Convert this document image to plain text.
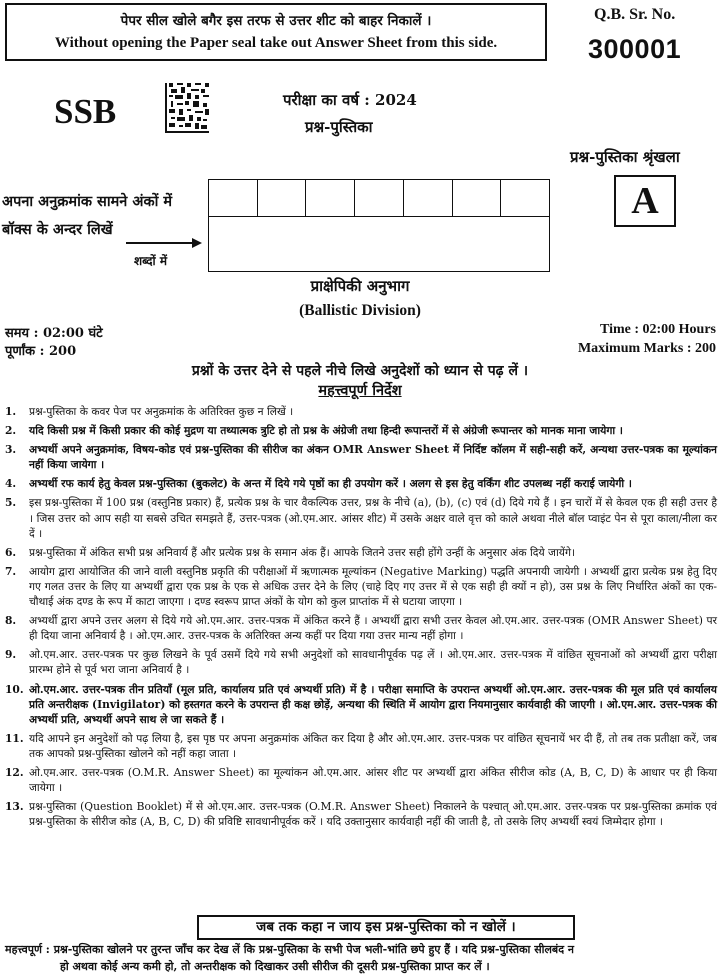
पेपर सील खोले बगैर इस तरफ से उत्तर शीट को बाहर निकालें ।
Without opening the Paper seal take out Answer Sheet from this side.
Q.B. Sr. No.
300001
SSB	परीक्षा का वर्ष : 2024
प्रश्न-पुस्तिका
प्रश्न-पुस्तिका श्रृंखला
A
अपना अनुक्रमांक सामने अंकों में
बॉक्स के अन्दर लिखें
शब्दों में
प्राक्षेपिकी अनुभाग
(Ballistic Division)
समय : 02:00 घंटे
पूर्णांक : 200
Time : 02:00 Hours
Maximum Marks : 200
प्रश्नों के उत्तर देने से पहले नीचे लिखे अनुदेशों को ध्यान से पढ़ लें ।
महत्त्वपूर्ण निर्देश
1.	प्रश्न-पुस्तिका के कवर पेज पर अनुक्रमांक के अतिरिक्त कुछ न लिखें ।
2.	यदि किसी प्रश्न में किसी प्रकार की कोई मुद्रण या तथ्यात्मक त्रुटि हो तो प्रश्न के अंग्रेजी तथा हिन्दी रूपान्तरों में से अंग्रेजी रूपान्तर को मानक माना जायेगा ।
3.	अभ्यर्थी अपने अनुक्रमांक, विषय-कोड एवं प्रश्न-पुस्तिका की सीरीज का अंकन OMR Answer Sheet में निर्दिष्ट कॉलम में सही-सही करें, अन्यथा उत्तर-पत्रक का मूल्यांकन नहीं किया जायेगा ।
4.	अभ्यर्थी रफ कार्य हेतु केवल प्रश्न-पुस्तिका (बुकलेट) के अन्त में दिये गये पृष्ठों का ही उपयोग करें । अलग से इस हेतु वर्किंग शीट उपलब्ध नहीं कराई जायेगी ।
5.	इस प्रश्न-पुस्तिका में 100 प्रश्न (वस्तुनिष्ठ प्रकार) हैं, प्रत्येक प्रश्न के चार वैकल्पिक उत्तर, प्रश्न के नीचे (a), (b), (c) एवं (d) दिये गये हैं । इन चारों में से केवल एक ही सही उत्तर है । जिस उत्तर को आप सही या सबसे उचित समझते हैं, उत्तर-पत्रक (ओ.एम.आर. आंसर शीट) में उसके अक्षर वाले वृत्त को काले अथवा नीले बॉल प्वाइंट पेन से पूरा काला/नीला कर दें ।
6.	प्रश्न-पुस्तिका में अंकित सभी प्रश्न अनिवार्य हैं और प्रत्येक प्रश्न के समान अंक हैं। आपके जितने उत्तर सही होंगे उन्हीं के अनुसार अंक दिये जायेंगे।
7.	आयोग द्वारा आयोजित की जाने वाली वस्तुनिष्ठ प्रकृति की परीक्षाओं में ऋणात्मक मूल्यांकन (Negative Marking) पद्धति अपनायी जायेगी । अभ्यर्थी द्वारा प्रत्येक प्रश्न हेतु दिए गए गलत उत्तर के लिए या अभ्यर्थी द्वारा एक प्रश्न के एक से अधिक उत्तर देने के लिए (चाहे दिए गए उत्तर में से एक सही ही क्यों न हो), उस प्रश्न के लिए निर्धारित अंकों का एक-चौथाई अंक दण्ड के रूप में काटा जाएगा । दण्ड स्वरूप प्राप्त अंकों के योग को कुल प्राप्तांक में से घटाया जाएगा ।
8.	अभ्यर्थी द्वारा अपने उत्तर अलग से दिये गये ओ.एम.आर. उत्तर-पत्रक में अंकित करने हैं । अभ्यर्थी द्वारा सभी उत्तर केवल ओ.एम.आर. उत्तर-पत्रक (OMR Answer Sheet) पर ही दिया जाना अनिवार्य है । ओ.एम.आर. उत्तर-पत्रक के अतिरिक्त अन्य कहीं पर दिया गया उत्तर मान्य नहीं होगा ।
9.	ओ.एम.आर. उत्तर-पत्रक पर कुछ लिखने के पूर्व उसमें दिये गये सभी अनुदेशों को सावधानीपूर्वक पढ़ लें । ओ.एम.आर. उत्तर-पत्रक में वांछित सूचनाओं को अभ्यर्थी द्वारा परीक्षा प्रारम्भ होने से पूर्व भरा जाना अनिवार्य है ।
10. ओ.एम.आर. उत्तर-पत्रक तीन प्रतियाँ (मूल प्रति, कार्यालय प्रति एवं अभ्यर्थी प्रति) में है । परीक्षा समाप्ति के उपरान्त अभ्यर्थी ओ.एम.आर. उत्तर-पत्रक की मूल प्रति एवं कार्यालय प्रति अन्तरीक्षक (Invigilator) को हस्तगत करने के उपरान्त ही कक्ष छोड़ें, अन्यथा की स्थिति में आयोग द्वारा नियमानुसार कार्यवाही की जाएगी । ओ.एम.आर. उत्तर-पत्रक की अभ्यर्थी प्रति, अभ्यर्थी अपने साथ ले जा सकते हैं ।
11. यदि आपने इन अनुदेशों को पढ़ लिया है, इस पृष्ठ पर अपना अनुक्रमांक अंकित कर दिया है और ओ.एम.आर. उत्तर-पत्रक पर वांछित सूचनायें भर दी हैं, तो तब तक प्रतीक्षा करें, जब तक आपको प्रश्न-पुस्तिका खोलने को नहीं कहा जाता ।
12. ओ.एम.आर. उत्तर-पत्रक (O.M.R. Answer Sheet) का मूल्यांकन ओ.एम.आर. आंसर शीट पर अभ्यर्थी द्वारा अंकित सीरीज कोड (A, B, C, D) के आधार पर ही किया जायेगा ।
13. प्रश्न-पुस्तिका (Question Booklet) में से ओ.एम.आर. उत्तर-पत्रक (O.M.R. Answer Sheet) निकालने के पश्चात् ओ.एम.आर. उत्तर-पत्रक पर प्रश्न-पुस्तिका क्रमांक एवं प्रश्न-पुस्तिका के सीरीज कोड (A, B, C, D) की प्रविष्टि सावधानीपूर्वक करें । यदि उक्तानुसार कार्यवाही नहीं की जाती है, तो उसके लिए अभ्यर्थी स्वयं जिम्मेदार होगा ।
जब तक कहा न जाय इस प्रश्न-पुस्तिका को न खोलें ।
महत्त्वपूर्ण : प्रश्न-पुस्तिका खोलने पर तुरन्त जाँच कर देख लें कि प्रश्न-पुस्तिका के सभी पेज भली-भांति छपे हुए हैं । यदि प्रश्न-पुस्तिका सीलबंद न
हो अथवा कोई अन्य कमी हो, तो अन्तरीक्षक को दिखाकर उसी सीरीज की दूसरी प्रश्न-पुस्तिका प्राप्त कर लें ।
